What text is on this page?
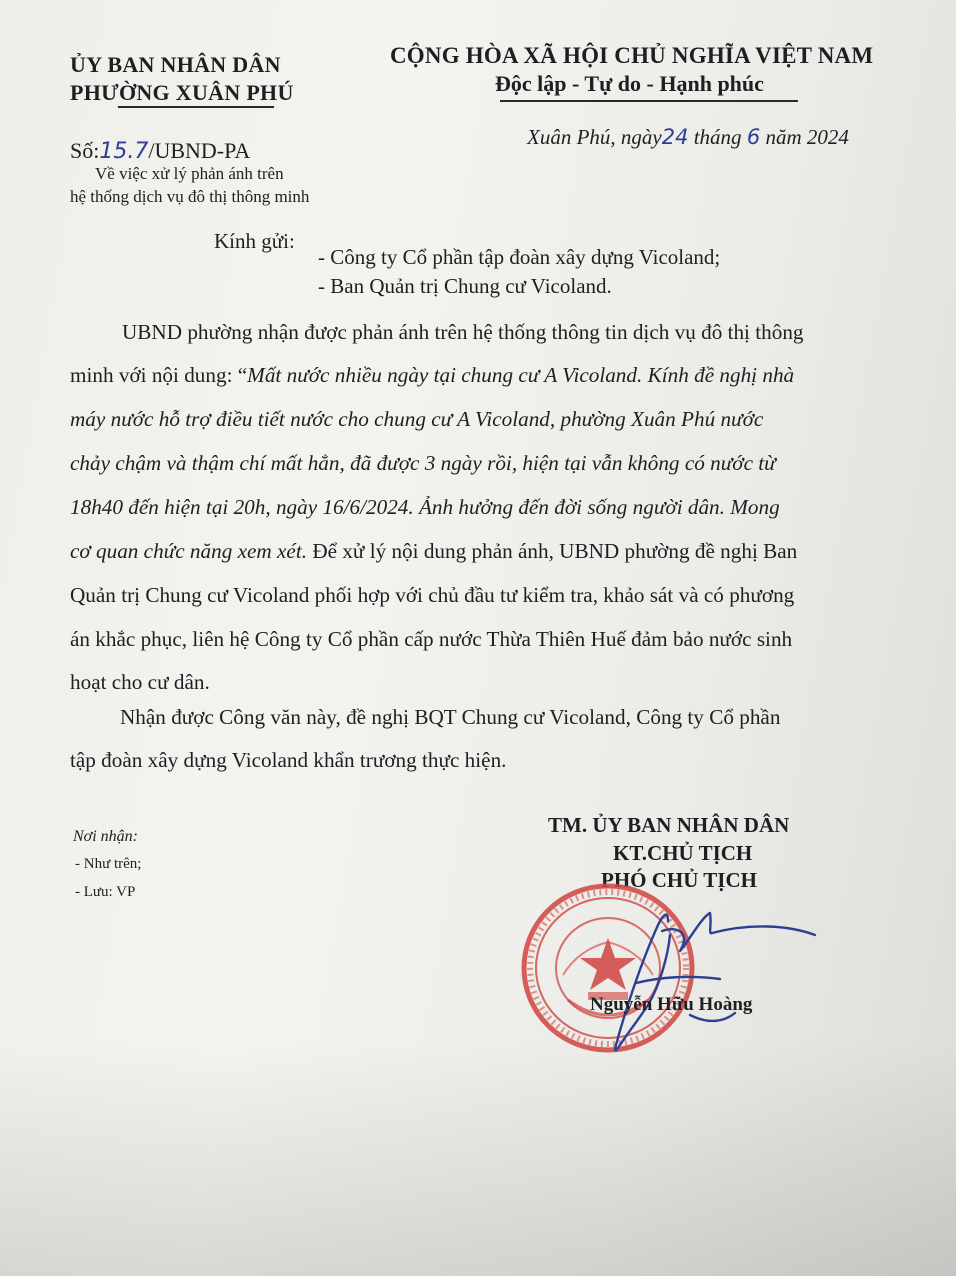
ỦY BAN NHÂN DÂN
PHƯỜNG XUÂN PHÚ
CỘNG HÒA XÃ HỘI CHỦ NGHĨA VIỆT NAM
Độc lập - Tự do - Hạnh phúc
Số:15.7/UBND-PA
Xuân Phú, ngày24 tháng 6 năm 2024
Về việc xử lý phản ánh trên
hệ thống dịch vụ đô thị thông minh
Kính gửi:
- Công ty Cổ phần tập đoàn xây dựng Vicoland;
- Ban Quản trị Chung cư Vicoland.
UBND phường nhận được phản ánh trên hệ thống thông tin dịch vụ đô thị thông
minh với nội dung: “Mất nước nhiều ngày tại chung cư A Vicoland. Kính đề nghị nhà
máy nước hỗ trợ điều tiết nước cho chung cư A Vicoland, phường Xuân Phú nước
chảy chậm và thậm chí mất hẳn, đã được 3 ngày rồi, hiện tại vẫn không có nước từ
18h40 đến hiện tại 20h, ngày 16/6/2024. Ảnh hưởng đến đời sống người dân. Mong
cơ quan chức năng xem xét. Để xử lý nội dung phản ánh, UBND phường đề nghị Ban
Quản trị Chung cư Vicoland phối hợp với chủ đầu tư kiểm tra, khảo sát và có phương
án khắc phục, liên hệ Công ty Cổ phần cấp nước Thừa Thiên Huế đảm bảo nước sinh
hoạt cho cư dân.
Nhận được Công văn này, đề nghị BQT Chung cư Vicoland, Công ty Cổ phần
tập đoàn xây dựng Vicoland khẩn trương thực hiện.
Nơi nhận:
- Như trên;
- Lưu: VP
TM. ỦY BAN NHÂN DÂN
KT.CHỦ TỊCH
PHÓ CHỦ TỊCH
Nguyễn Hữu Hoàng
